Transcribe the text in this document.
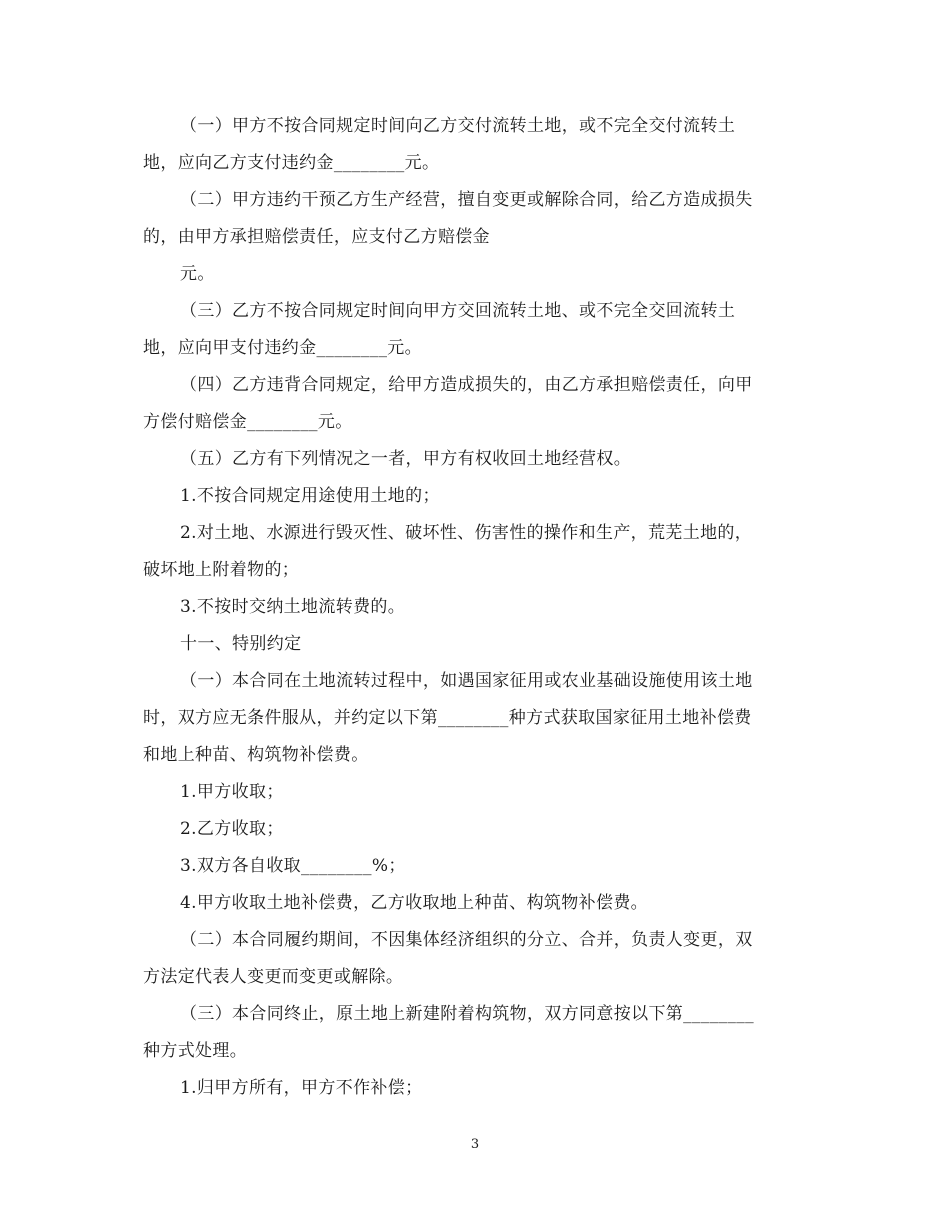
（一）甲方不按合同规定时间向乙方交付流转土地，或不完全交付流转土
地，应向乙方支付违约金________元。
（二）甲方违约干预乙方生产经营，擅自变更或解除合同，给乙方造成损失
的，由甲方承担赔偿责任，应支付乙方赔偿金
元。
（三）乙方不按合同规定时间向甲方交回流转土地、或不完全交回流转土
地，应向甲支付违约金________元。
（四）乙方违背合同规定，给甲方造成损失的，由乙方承担赔偿责任，向甲
方偿付赔偿金________元。
（五）乙方有下列情况之一者，甲方有权收回土地经营权。
1.不按合同规定用途使用土地的；
2.对土地、水源进行毁灭性、破坏性、伤害性的操作和生产，荒芜土地的，
破坏地上附着物的；
3.不按时交纳土地流转费的。
十一、特别约定
（一）本合同在土地流转过程中，如遇国家征用或农业基础设施使用该土地
时，双方应无条件服从，并约定以下第________种方式获取国家征用土地补偿费
和地上种苗、构筑物补偿费。
1.甲方收取；
2.乙方收取；
3.双方各自收取________%；
4.甲方收取土地补偿费，乙方收取地上种苗、构筑物补偿费。
（二）本合同履约期间，不因集体经济组织的分立、合并，负责人变更，双
方法定代表人变更而变更或解除。
（三）本合同终止，原土地上新建附着构筑物，双方同意按以下第________
种方式处理。
1.归甲方所有，甲方不作补偿；
3
